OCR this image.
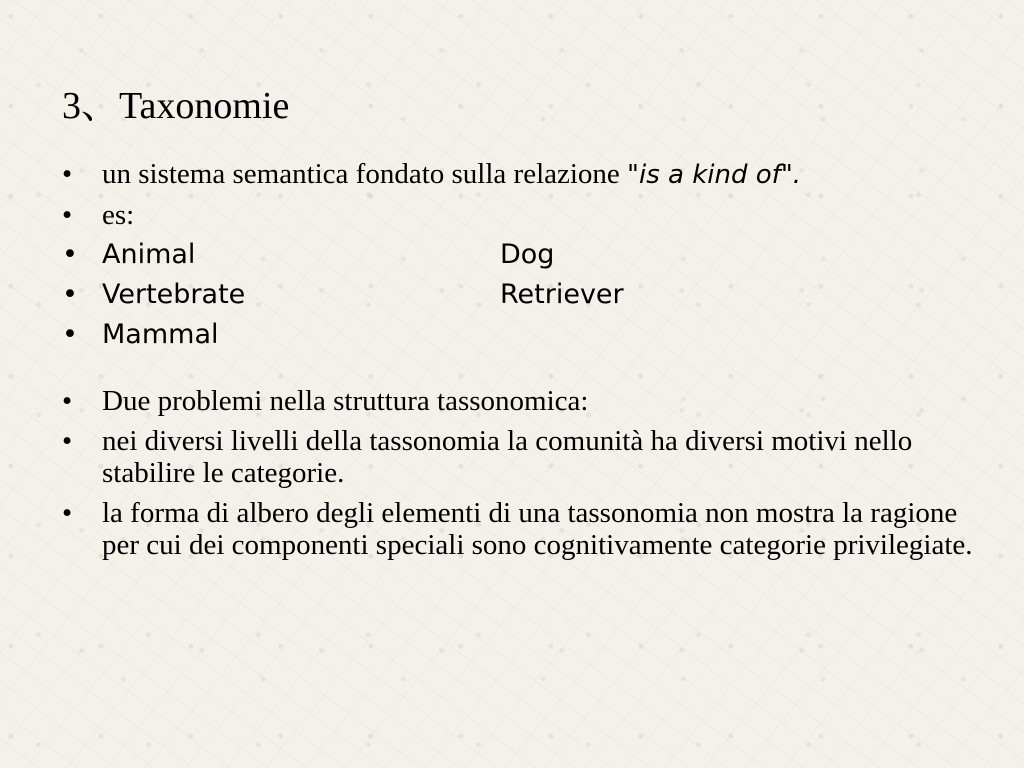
3、Taxonomie
•	un sistema semantica fondato sulla relazione "is a kind of".
•	es:
• Animal	Dog
• Vertebrate	Retriever
• Mammal
•	Due problemi nella struttura tassonomica:
•	nei diversi livelli della tassonomia la comunità ha diversi motivi nello stabilire le categorie.
•	la forma di albero degli elementi di una tassonomia non mostra la ragione per cui dei componenti speciali sono cognitivamente categorie privilegiate.
